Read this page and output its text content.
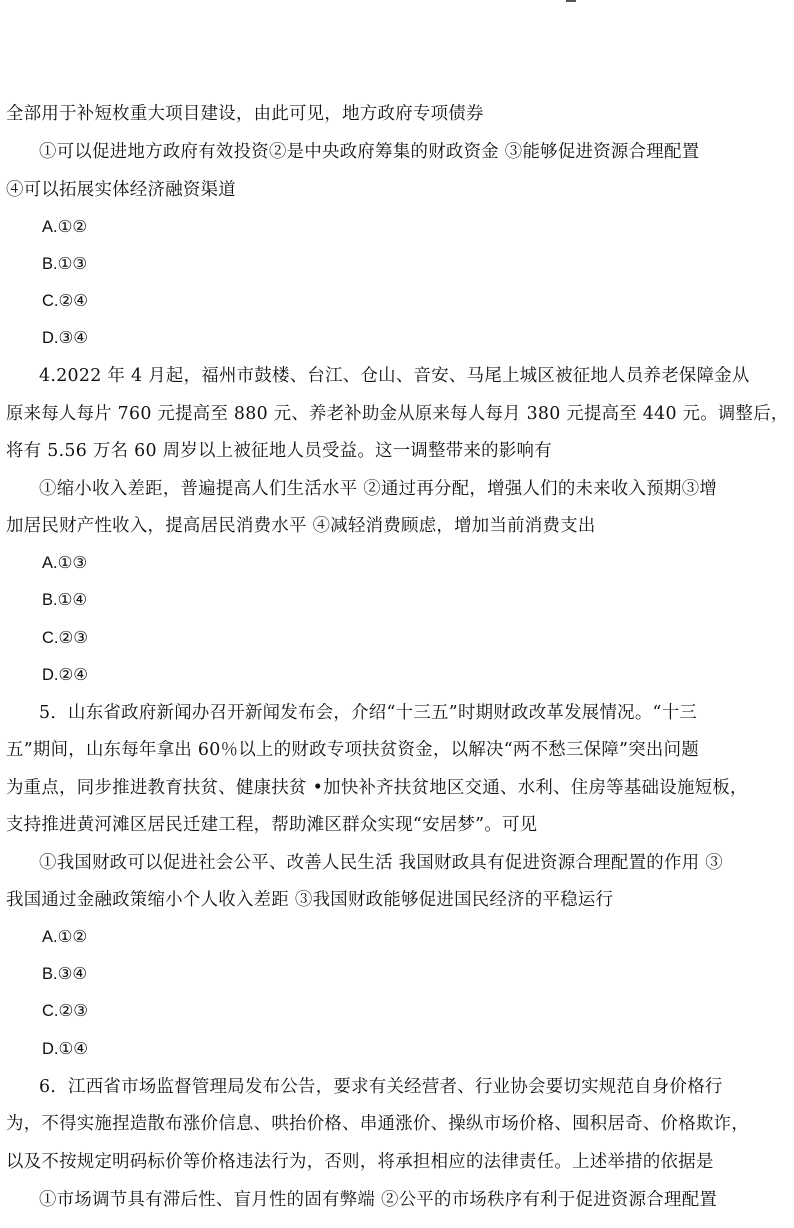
全部用于补短枚重大项目建设，由此可见，地方政府专项债券
①可以促进地方政府有效投资②是中央政府筹集的财政资金 ③能够促进资源合理配置
④可以拓展实体经济融资渠道
A.①②
B.①③
C.②④
D.③④
4.2022 年 4 月起，福州市鼓楼、台江、仓山、音安、马尾上城区被征地人员养老保障金从
原来每人每片 760 元提高至 880 元、养老补助金从原来每人每月 380 元提高至 440 元。调整后，
将有 5.56 万名 60 周岁以上被征地人员受益。这一调整带来的影响有
①缩小收入差距，普遍提高人们生活水平 ②通过再分配，增强人们的未来收入预期③增
加居民财产性收入，提高居民消费水平 ④减轻消费顾虑，增加当前消费支出
A.①③
B.①④
C.②③
D.②④
5．山东省政府新闻办召开新闻发布会，介绍“十三五”时期财政改革发展情况。“十三
五”期间，山东每年拿出 60％以上的财政专项扶贫资金，以解决“两不愁三保障”突出问题
为重点，同步推进教育扶贫、健康扶贫 •加快补齐扶贫地区交通、水利、住房等基础设施短板，
支持推进黄河滩区居民迁建工程，帮助滩区群众实现“安居梦”。可见
①我国财政可以促进社会公平、改善人民生活 我国财政具有促进资源合理配置的作用 ③
我国通过金融政策缩小个人收入差距 ③我国财政能够促进国民经济的平稳运行
A.①②
B.③④
C.②③
D.①④
6．江西省市场监督管理局发布公告，要求有关经营者、行业协会要切实规范自身价格行
为，不得实施捏造散布涨价信息、哄抬价格、串通涨价、操纵市场价格、囤积居奇、价格欺诈，
以及不按规定明码标价等价格违法行为，否则，将承担相应的法律责任。上述举措的依据是
①市场调节具有滞后性、盲月性的固有弊端 ②公平的市场秩序有利于促进资源合理配置
